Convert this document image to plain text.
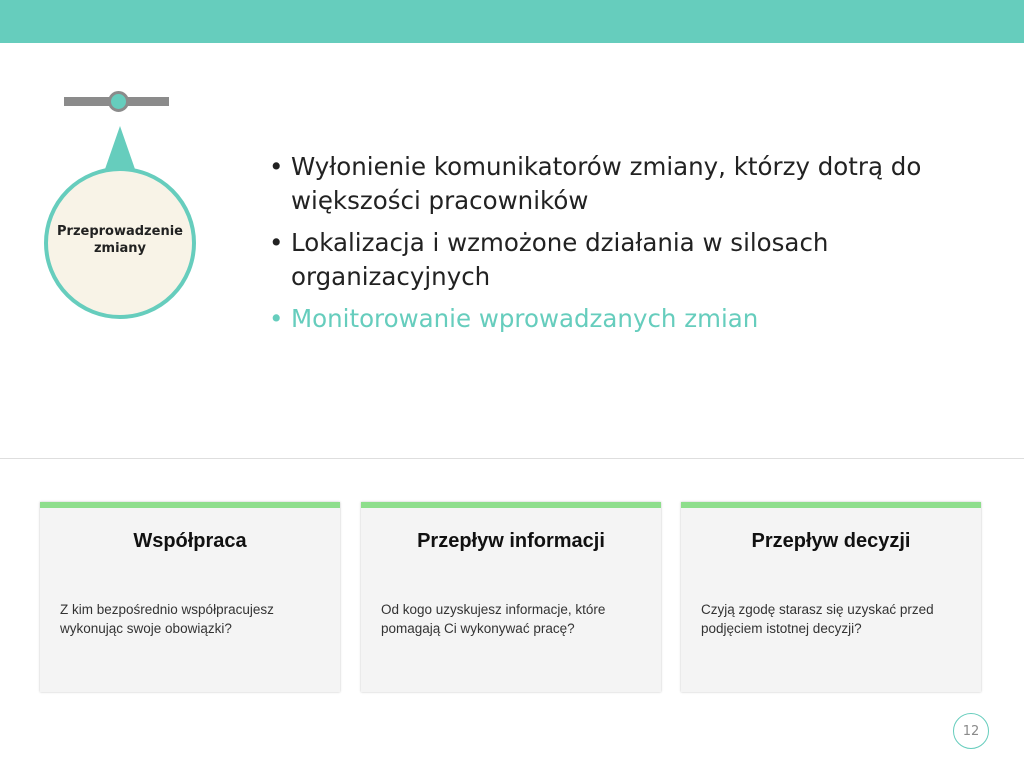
Przeprowadzenie
zmiany
• Wyłonienie komunikatorów zmiany, którzy dotrą do większości pracowników
• Lokalizacja i wzmożone działania w silosach organizacyjnych
• Monitorowanie wprowadzanych zmian
Współpraca
Z kim bezpośrednio współpracujesz wykonując swoje obowiązki?
Przepływ informacji
Od kogo uzyskujesz informacje, które pomagają Ci wykonywać pracę?
Przepływ decyzji
Czyją zgodę starasz się uzyskać przed podjęciem istotnej decyzji?
12
